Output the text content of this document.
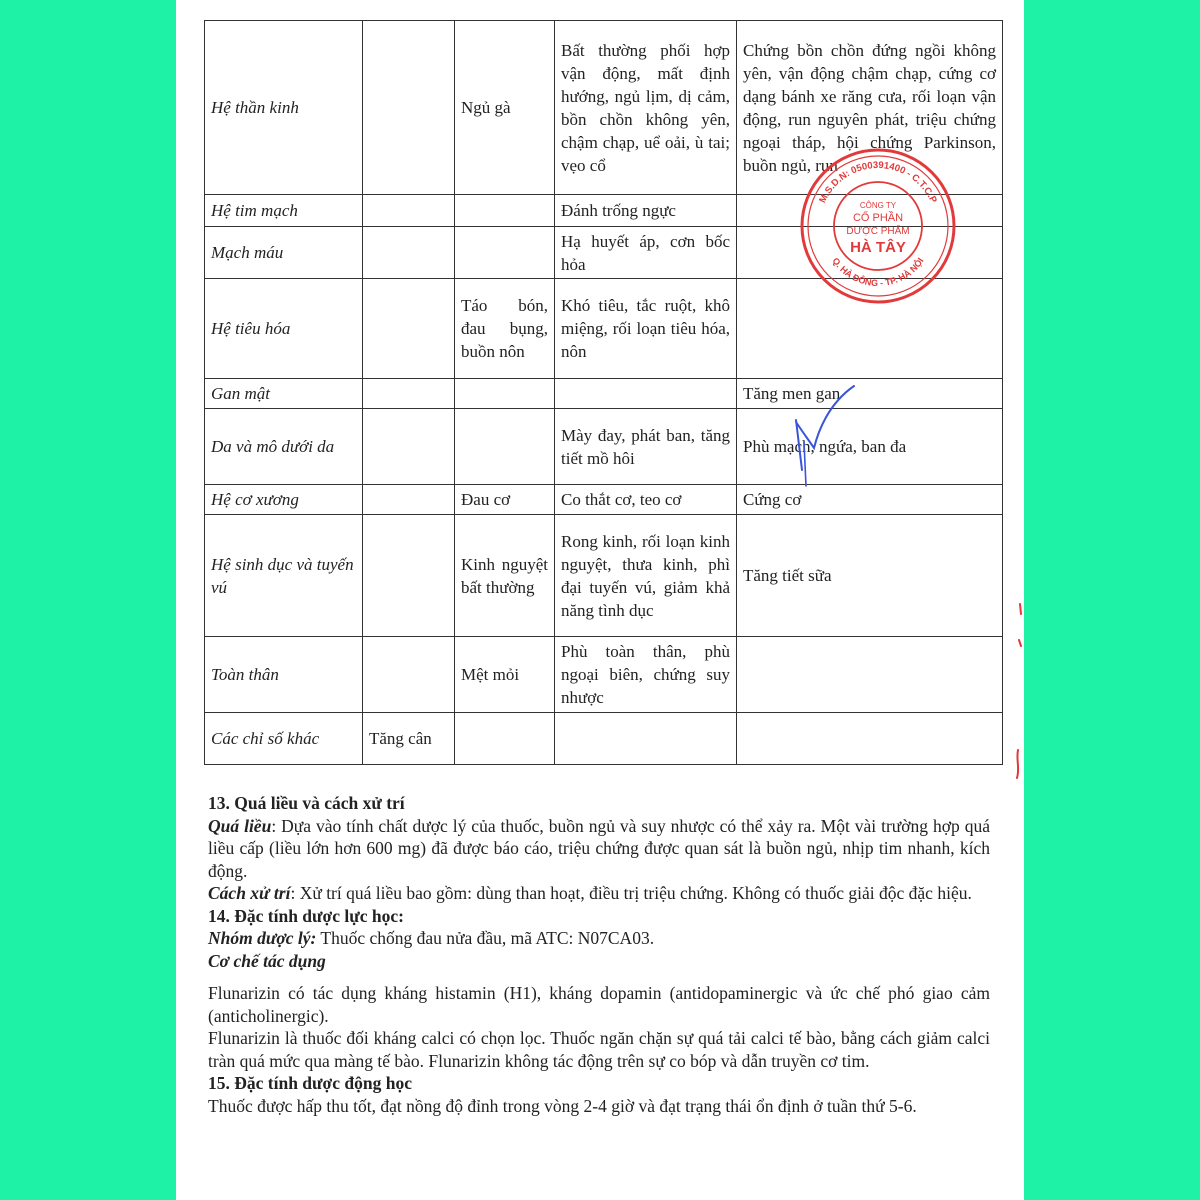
Hệ thần kinh		Ngủ gà	Bất thường phối hợp vận động, mất định hướng, ngủ lịm, dị cảm, bồn chồn không yên, chậm chạp, uể oải, ù tai; vẹo cổ	Chứng bồn chồn đứng ngồi không yên, vận động chậm chạp, cứng cơ dạng bánh xe răng cưa, rối loạn vận động, run nguyên phát, triệu chứng ngoại tháp, hội chứng Parkinson, buồn ngủ, run
Hệ tim mạch			Đánh trống ngực	
Mạch máu			Hạ huyết áp, cơn bốc hỏa	
Hệ tiêu hóa		Táo bón, đau bụng, buồn nôn	Khó tiêu, tắc ruột, khô miệng, rối loạn tiêu hóa, nôn	
Gan mật				Tăng men gan
Da và mô dưới da			Mày đay, phát ban, tăng tiết mồ hôi	Phù mạch, ngứa, ban đa
Hệ cơ xương		Đau cơ	Co thắt cơ, teo cơ	Cứng cơ
Hệ sinh dục và tuyến vú		Kinh nguyệt bất thường	Rong kinh, rối loạn kinh nguyệt, thưa kinh, phì đại tuyến vú, giảm khả năng tình dục	Tăng tiết sữa
Toàn thân		Mệt mỏi	Phù toàn thân, phù ngoại biên, chứng suy nhược	
Các chỉ số khác	Tăng cân			
M.S.D.N: 0500391400 - C.T.C.P
Q. HÀ ĐÔNG - TP. HÀ NỘI
CÔNG TY
CỔ PHẦN
DƯỢC PHẨM
HÀ TÂY
13. Quá liều và cách xử trí

Quá liều: Dựa vào tính chất dược lý của thuốc, buồn ngủ và suy nhược có thể xảy ra. Một vài trường hợp quá liều cấp (liều lớn hơn 600 mg) đã được báo cáo, triệu chứng được quan sát là buồn ngủ, nhịp tim nhanh, kích động.

Cách xử trí: Xử trí quá liều bao gồm: dùng than hoạt, điều trị triệu chứng. Không có thuốc giải độc đặc hiệu.

14. Đặc tính dược lực học:

Nhóm dược lý: Thuốc chống đau nửa đầu, mã ATC: N07CA03.

Cơ chế tác dụng

Flunarizin có tác dụng kháng histamin (H1), kháng dopamin (antidopaminergic và ức chế phó giao cảm (anticholinergic).

Flunarizin là thuốc đối kháng calci có chọn lọc. Thuốc ngăn chặn sự quá tải calci tế bào, bằng cách giảm calci tràn quá mức qua màng tế bào. Flunarizin không tác động trên sự co bóp và dẫn truyền cơ tim.

15. Đặc tính dược động học

Thuốc được hấp thu tốt, đạt nồng độ đỉnh trong vòng 2-4 giờ và đạt trạng thái ổn định ở tuần thứ 5-6.
